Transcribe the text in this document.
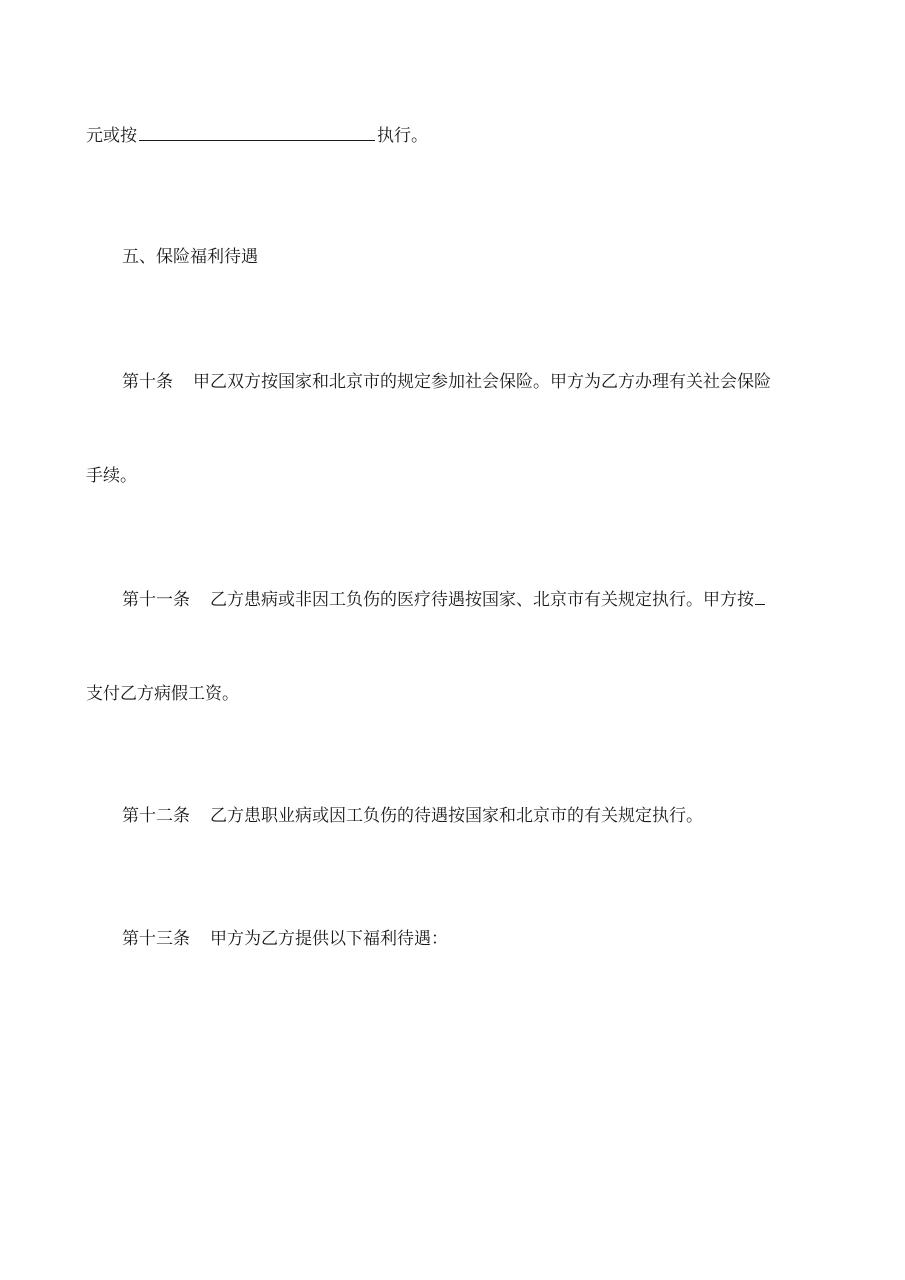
元或按	执行。
五、保险福利待遇
第十条 甲乙双方按国家和北京市的规定参加社会保险。甲方为乙方办理有关社会保险
手续。
第十一条 乙方患病或非因工负伤的医疗待遇按国家、北京市有关规定执行。甲方按
支付乙方病假工资。
第十二条 乙方患职业病或因工负伤的待遇按国家和北京市的有关规定执行。
第十三条 甲方为乙方提供以下福利待遇：
